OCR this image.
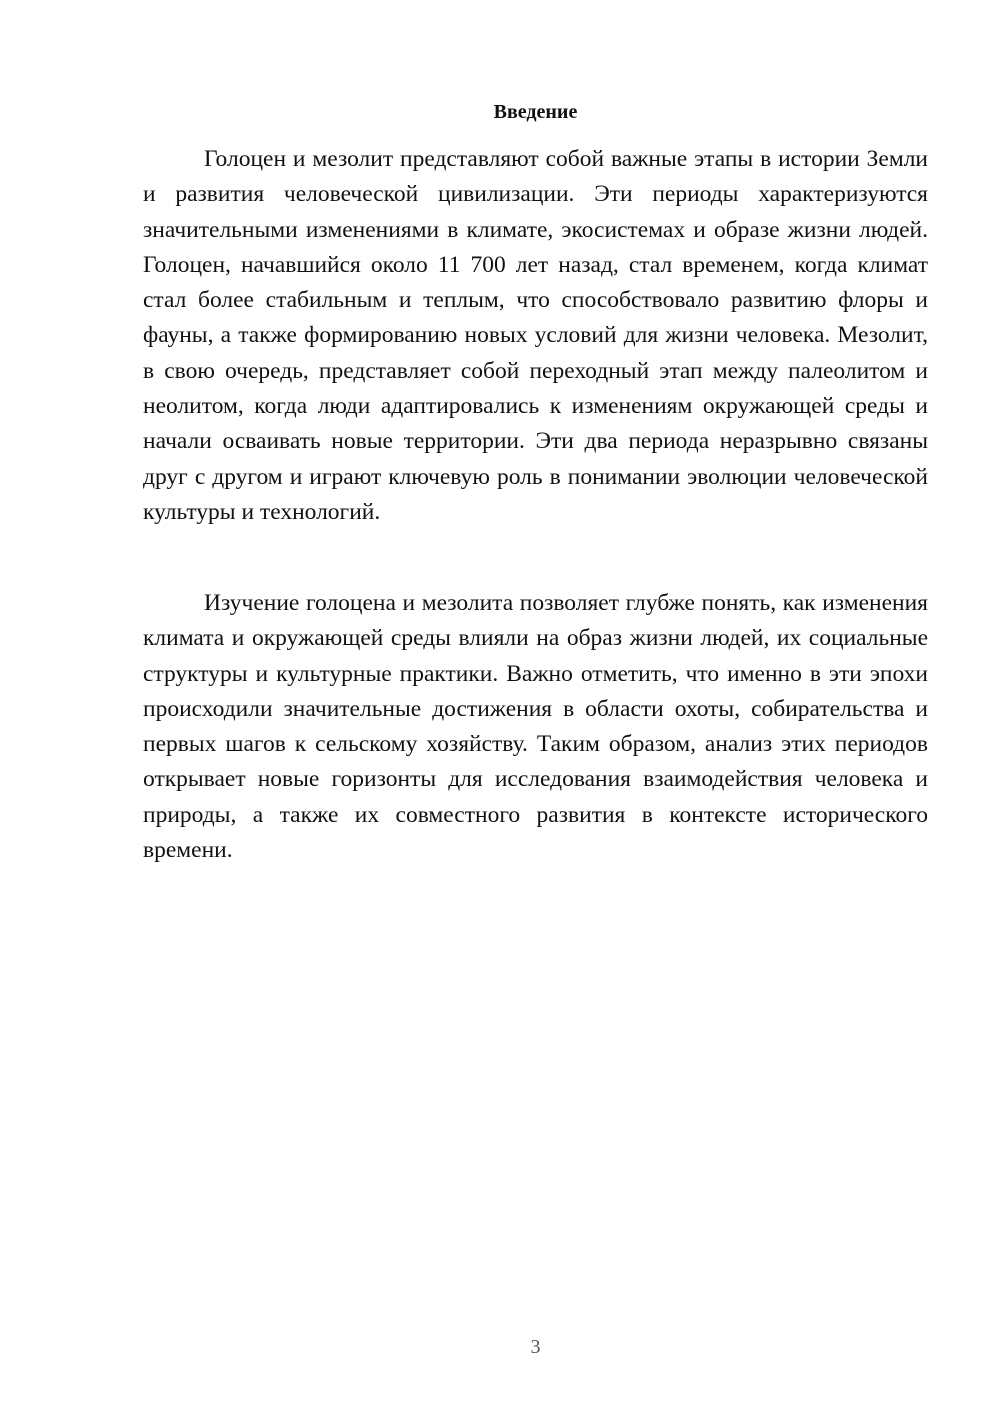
Введение

Голоцен и мезолит представляют собой важные этапы в истории Земли и развития человеческой цивилизации. Эти периоды характеризуются значительными изменениями в климате, экосистемах и образе жизни людей. Голоцен, начавшийся около 11 700 лет назад, стал временем, когда климат стал более стабильным и теплым, что способствовало развитию флоры и фауны, а также формированию новых условий для жизни человека. Мезолит, в свою очередь, представляет собой переходный этап между палеолитом и неолитом, когда люди адаптировались к изменениям окружающей среды и начали осваивать новые территории. Эти два периода неразрывно связаны друг с другом и играют ключевую роль в понимании эволюции человеческой культуры и технологий.

Изучение голоцена и мезолита позволяет глубже понять, как изменения климата и окружающей среды влияли на образ жизни людей, их социальные структуры и культурные практики. Важно отметить, что именно в эти эпохи происходили значительные достижения в области охоты, собирательства и первых шагов к сельскому хозяйству. Таким образом, анализ этих периодов открывает новые горизонты для исследования взаимодействия человека и природы, а также их совместного развития в контексте исторического времени.

3
